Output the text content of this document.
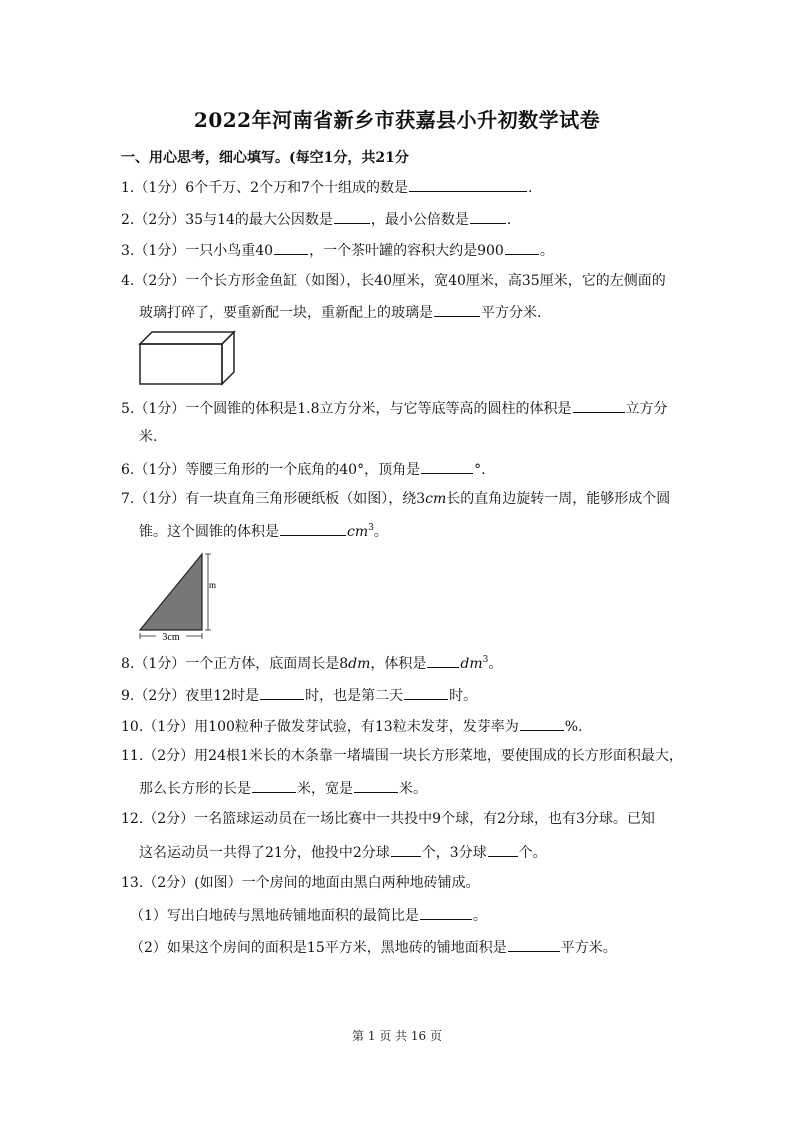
2022年河南省新乡市获嘉县小升初数学试卷
一、用心思考，细心填写。(每空1分，共21分
1.（1分）6个千万、2个万和7个十组成的数是	.
2.（2分）35与14的最大公因数是	，最小公倍数是	.
3.（1分）一只小鸟重40	，一个茶叶罐的容积大约是900	。
4.（2分）一个长方形金鱼缸（如图），长40厘米，宽40厘米，高35厘米，它的左侧面的
玻璃打碎了，要重新配一块，重新配上的玻璃是	平方分米.
5.（1分）一个圆锥的体积是1.8立方分米，与它等底等高的圆柱的体积是	立方分
米.
6.（1分）等腰三角形的一个底角的40°，顶角是	°.
7.（1分）有一块直角三角形硬纸板（如图），绕3cm长的直角边旋转一周，能够形成个圆
锥。这个圆锥的体积是	$cm^3$。
3cm
m
8.（1分）一个正方体，底面周长是8dm，体积是 $dm^3$。
9.（2分）夜里12时是	时，也是第二天	时。
10.（1分）用100粒种子做发芽试验，有13粒未发芽，发芽率为	%.
11.（2分）用24根1米长的木条靠一堵墙围一块长方形菜地，要使围成的长方形面积最大，
那么长方形的长是	米，宽是	米。
12.（2分）一名篮球运动员在一场比赛中一共投中9个球，有2分球，也有3分球。已知
这名运动员一共得了21分，他投中2分球 个，3分球 个。
13.（2分）(如图）一个房间的地面由黑白两种地砖铺成。
（1）写出白地砖与黑地砖铺地面积的最简比是	。
（2）如果这个房间的面积是15平方米，黑地砖的铺地面积是	平方米。
第 1 页 共 16 页
